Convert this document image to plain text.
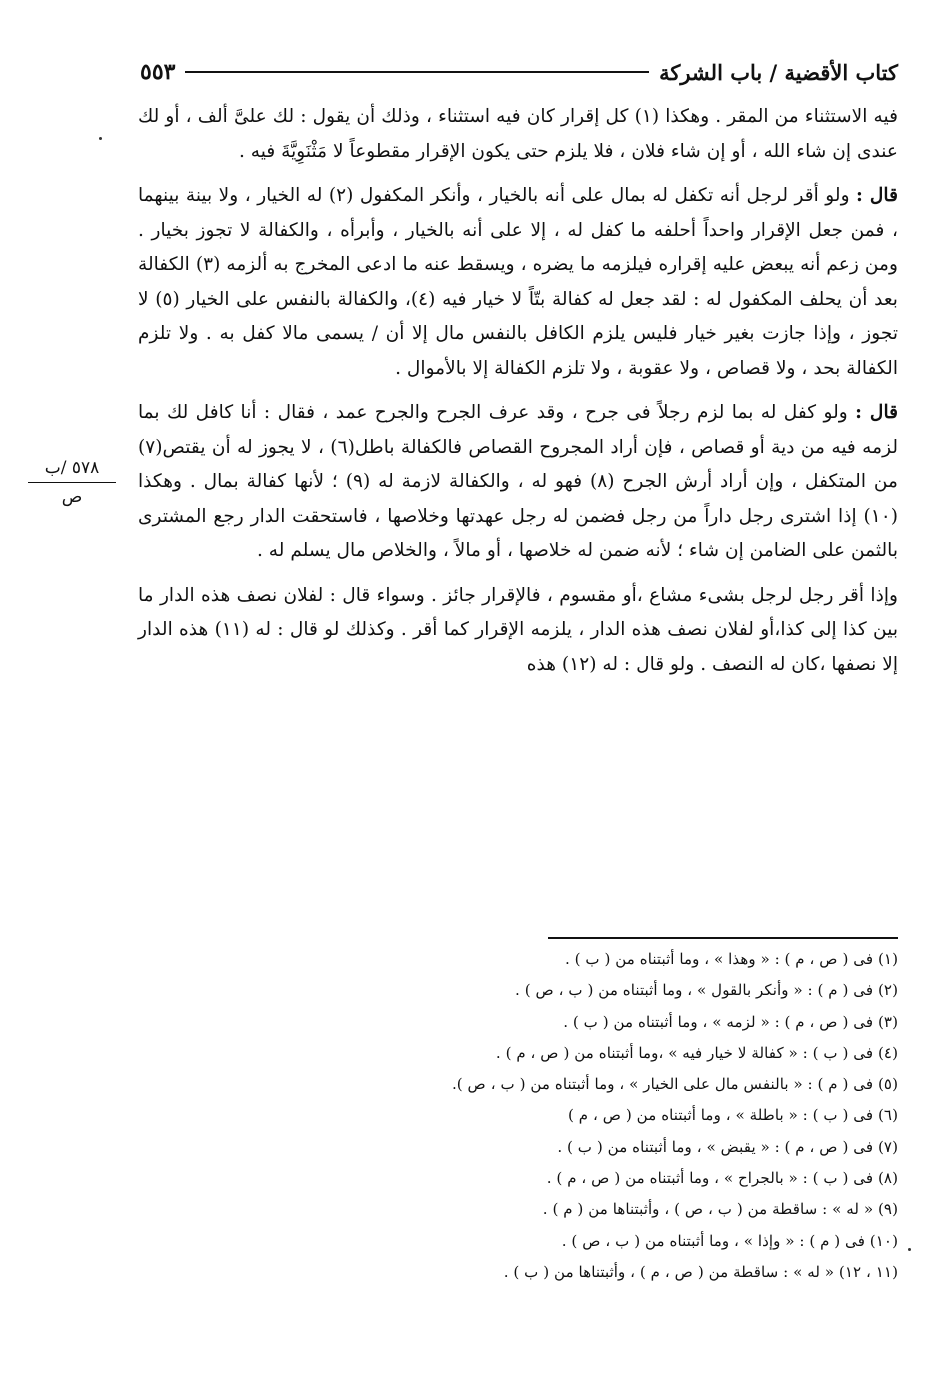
كتاب الأقضية / باب الشركة
٥٥٣

فيه الاستثناء من المقر . وهكذا (١) كل إقرار كان فيه استثناء ، وذلك أن يقول : لك علىَّ ألف ، أو لك عندى إن شاء الله ، أو إن شاء فلان ، فلا يلزم حتى يكون الإقرار مقطوعاً لا مَثْنَوِيَّةَ فيه .

قال : ولو أقر لرجل أنه تكفل له بمال على أنه بالخيار ، وأنكر المكفول (٢) له الخيار ، ولا بينة بينهما ، فمن جعل الإقرار واحداً أحلفه ما كفل له ، إلا على أنه بالخيار ، وأبرأه ، والكفالة لا تجوز بخيار . ومن زعم أنه يبعض عليه إقراره فيلزمه ما يضره ، ويسقط عنه ما ادعى المخرج به ألزمه (٣) الكفالة بعد أن يحلف المكفول له : لقد جعل له كفالة بتّاً لا خيار فيه (٤)، والكفالة بالنفس على الخيار (٥) لا تجوز ، وإذا جازت بغير خيار فليس يلزم الكافل بالنفس مال إلا أن / يسمى مالا كفل به . ولا تلزم الكفالة بحد ، ولا قصاص ، ولا عقوبة ، ولا تلزم الكفالة إلا بالأموال .

قال : ولو كفل له بما لزم رجلاً فى جرح ، وقد عرف الجرح والجرح عمد ، فقال : أنا كافل لك بما لزمه فيه من دية أو قصاص ، فإن أراد المجروح القصاص فالكفالة باطل(٦) ، لا يجوز له أن يقتص(٧) من المتكفل ، وإن أراد أرش الجرح (٨) فهو له ، والكفالة لازمة له (٩) ؛ لأنها كفالة بمال . وهكذا (١٠) إذا اشترى رجل داراً من رجل فضمن له رجل عهدتها وخلاصها ، فاستحقت الدار رجع المشترى بالثمن على الضامن إن شاء ؛ لأنه ضمن له خلاصها ، أو مالاً ، والخلاص مال يسلم له .

وإذا أقر رجل لرجل بشىء مشاع ،أو مقسوم ، فالإقرار جائز . وسواء قال : لفلان نصف هذه الدار ما بين كذا إلى كذا،أو لفلان نصف هذه الدار ، يلزمه الإقرار كما أقر . وكذلك لو قال : له (١١) هذه الدار إلا نصفها ،كان له النصف . ولو قال : له (١٢) هذه

٥٧٨ /ب
ص
(١) فى ( ص ، م ) : « وهذا » ، وما أثبتناه من ( ب ) .
(٢) فى ( م ) : « وأنكر بالقول » ، وما أثبتناه من ( ب ، ص ) .
(٣) فى ( ص ، م ) : « لزمه » ، وما أثبتناه من ( ب ) .
(٤) فى ( ب ) : « كفالة لا خيار فيه » ،وما أثبتناه من ( ص ، م ) .
(٥) فى ( م ) : « بالنفس مال على الخيار » ، وما أثبتناه من ( ب ، ص ).
(٦) فى ( ب ) : « باطلة » ، وما أثبتناه من ( ص ، م )
(٧) فى ( ص ، م ) : « يقبض » ، وما أثبتناه من ( ب ) .
(٨) فى ( ب ) : « بالجراح » ، وما أثبتناه من ( ص ، م ) .
(٩) « له » : ساقطة من ( ب ، ص ) ، وأثبتناها من ( م ) .
(١٠) فى ( م ) : « وإذا » ، وما أثبتناه من ( ب ، ص ) .
(١١ ، ١٢) « له » : ساقطة من ( ص ، م ) ، وأثبتناها من ( ب ) .
